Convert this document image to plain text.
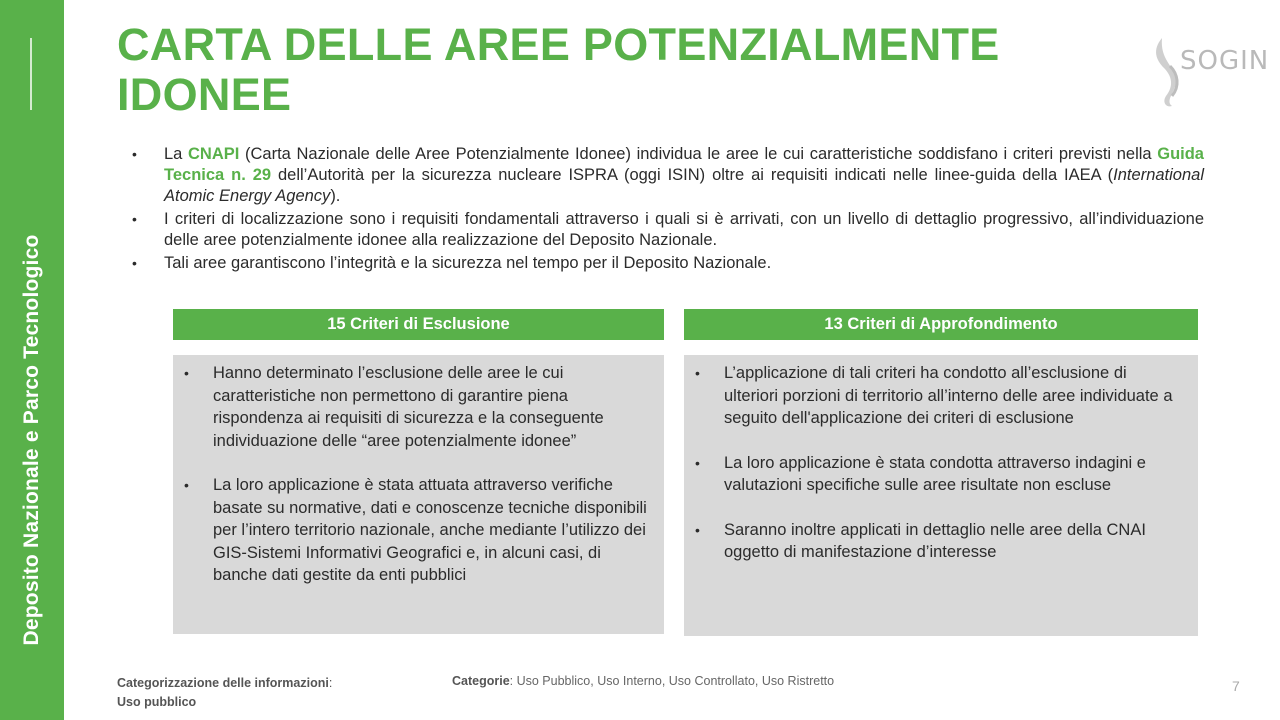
Deposito Nazionale e Parco Tecnologico
SOGIN
CARTA DELLE AREE POTENZIALMENTE IDONEE
• La CNAPI (Carta Nazionale delle Aree Potenzialmente Idonee) individua le aree le cui caratteristiche soddisfano i criteri previsti nella Guida Tecnica n. 29 dell’Autorità per la sicurezza nucleare ISPRA (oggi ISIN) oltre ai requisiti indicati nelle linee-guida della IAEA (International Atomic Energy Agency).
• I criteri di localizzazione sono i requisiti fondamentali attraverso i quali si è arrivati, con un livello di dettaglio progressivo, all’individuazione delle aree potenzialmente idonee alla realizzazione del Deposito Nazionale.
• Tali aree garantiscono l’integrità e la sicurezza nel tempo per il Deposito Nazionale.
15 Criteri di Esclusione	13 Criteri di Approfondimento
• Hanno determinato l’esclusione delle aree le cui caratteristiche non permettono di garantire piena rispondenza ai requisiti di sicurezza e la conseguente individuazione delle “aree potenzialmente idonee”
• La loro applicazione è stata attuata attraverso verifiche basate su normative, dati e conoscenze tecniche disponibili per l’intero territorio nazionale, anche mediante l’utilizzo dei GIS-Sistemi Informativi Geografici e, in alcuni casi, di banche dati gestite da enti pubblici
• L’applicazione di tali criteri ha condotto all’esclusione di ulteriori porzioni di territorio all’interno delle aree individuate a seguito dell'applicazione dei criteri di esclusione
• La loro applicazione è stata condotta attraverso indagini e valutazioni specifiche sulle aree risultate non escluse
• Saranno inoltre applicati in dettaglio nelle aree della CNAI oggetto di manifestazione d’interesse
Categorizzazione delle informazioni:
Uso pubblico
Categorie: Uso Pubblico, Uso Interno, Uso Controllato, Uso Ristretto	7
